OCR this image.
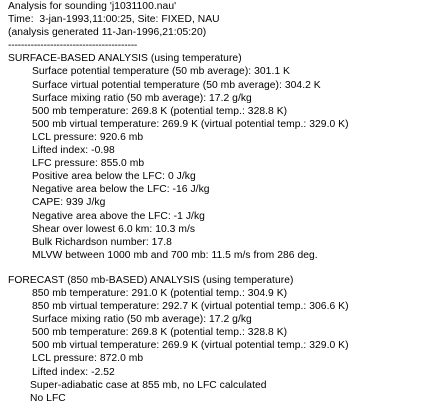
Analysis for sounding 'j1031100.nau'
Time:  3-jan-1993,11:00:25, Site: FIXED, NAU
(analysis generated 11-Jan-1996,21:05:20)
----------------------------------------
SURFACE-BASED ANALYSIS (using temperature)
Surface potential temperature (50 mb average): 301.1 K
Surface virtual potential temperature (50 mb average): 304.2 K
Surface mixing ratio (50 mb average): 17.2 g/kg
500 mb temperature: 269.8 K (potential temp.: 328.8 K)
500 mb virtual temperature: 269.9 K (virtual potential temp.: 329.0 K)
LCL pressure: 920.6 mb
Lifted index: -0.98
LFC pressure: 855.0 mb
Positive area below the LFC: 0 J/kg
Negative area below the LFC: -16 J/kg
CAPE: 939 J/kg
Negative area above the LFC: -1 J/kg
Shear over lowest 6.0 km: 10.3 m/s
Bulk Richardson number: 17.8
MLVW between 1000 mb and 700 mb: 11.5 m/s from 286 deg.
FORECAST (850 mb-BASED) ANALYSIS (using temperature)
850 mb temperature: 291.0 K (potential temp.: 304.9 K)
850 mb virtual temperature: 292.7 K (virtual potential temp.: 306.6 K)
Surface mixing ratio (50 mb average): 17.2 g/kg
500 mb temperature: 269.8 K (potential temp.: 328.8 K)
500 mb virtual temperature: 269.9 K (virtual potential temp.: 329.0 K)
LCL pressure: 872.0 mb
Lifted index: -2.52
Super-adiabatic case at 855 mb, no LFC calculated
No LFC
